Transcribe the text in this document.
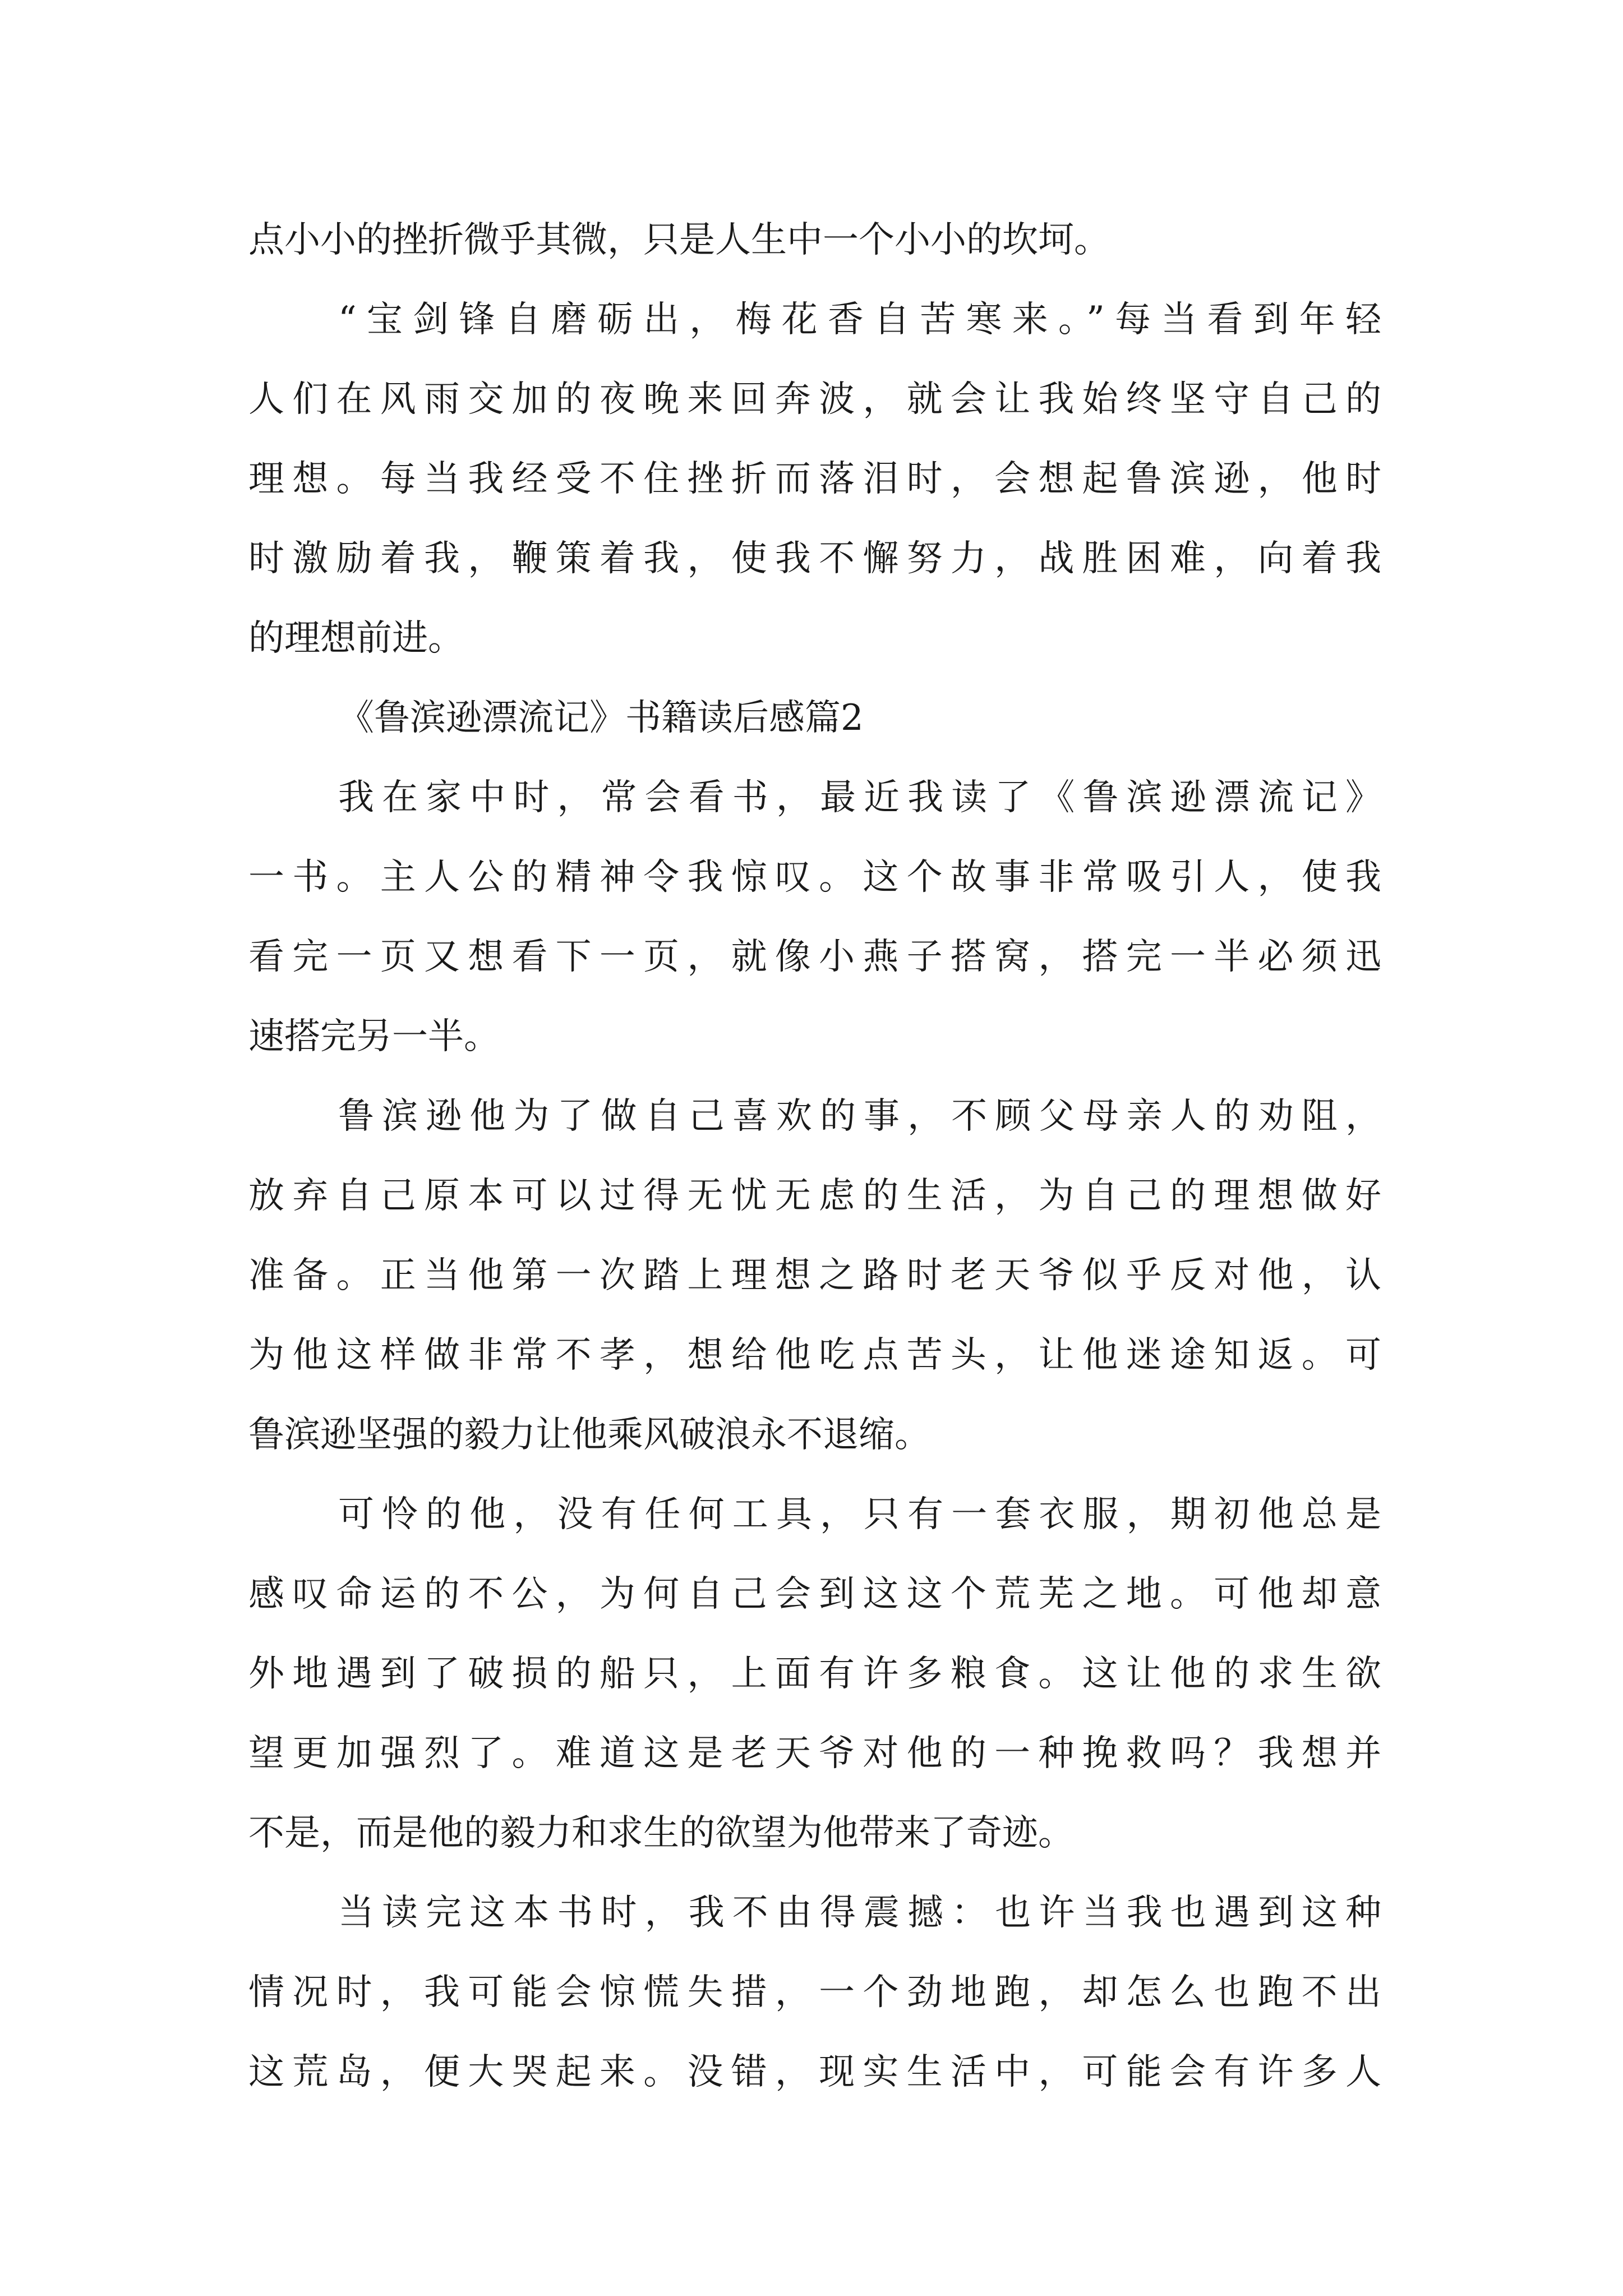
点小小的挫折微乎其微，只是人生中一个小小的坎坷。
“宝剑锋自磨砺出，梅花香自苦寒来。”每当看到年轻
人们在风雨交加的夜晚来回奔波，就会让我始终坚守自己的
理想。每当我经受不住挫折而落泪时，会想起鲁滨逊，他时
时激励着我，鞭策着我，使我不懈努力，战胜困难，向着我
的理想前进。
《鲁滨逊漂流记》书籍读后感篇2
我在家中时，常会看书，最近我读了《鲁滨逊漂流记》
一书。主人公的精神令我惊叹。这个故事非常吸引人，使我
看完一页又想看下一页，就像小燕子搭窝，搭完一半必须迅
速搭完另一半。
鲁滨逊他为了做自己喜欢的事，不顾父母亲人的劝阻，
放弃自己原本可以过得无忧无虑的生活，为自己的理想做好
准备。正当他第一次踏上理想之路时老天爷似乎反对他，认
为他这样做非常不孝，想给他吃点苦头，让他迷途知返。可
鲁滨逊坚强的毅力让他乘风破浪永不退缩。
可怜的他，没有任何工具，只有一套衣服，期初他总是
感叹命运的不公，为何自己会到这这个荒芜之地。可他却意
外地遇到了破损的船只，上面有许多粮食。这让他的求生欲
望更加强烈了。难道这是老天爷对他的一种挽救吗？我想并
不是，而是他的毅力和求生的欲望为他带来了奇迹。
当读完这本书时，我不由得震撼：也许当我也遇到这种
情况时，我可能会惊慌失措，一个劲地跑，却怎么也跑不出
这荒岛，便大哭起来。没错，现实生活中，可能会有许多人
